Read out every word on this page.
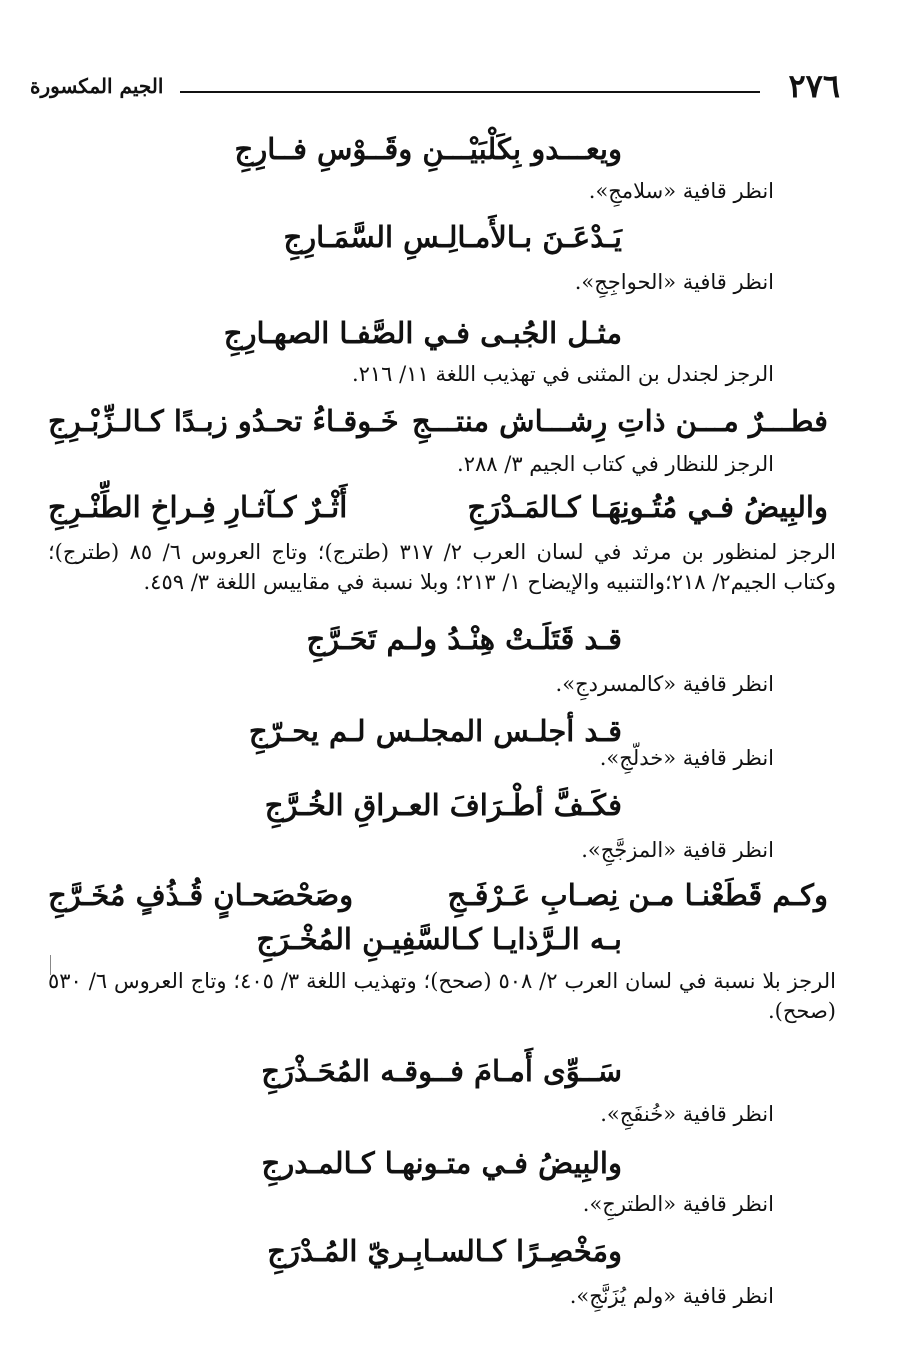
٢٧٦
الجيم المكسورة
ويعـــدو بِكَلْبَيْـــنِ وقَــوْسِ فــارِجِ
انظر قافية «سلامجِ».
يَـدْعَـنَ بـالأَمـالِـسِ السَّمَـارِجِ
انظر قافية «الحواجِجِ».
مثـل الجُبـى فـي الصَّفـا الصهـارِجِ
الرجز لجندل بن المثنى في تهذيب اللغة ١١/ ٢١٦.
فطـــرٌ مـــن ذاتِ رِشـــاش منتـــجِ
خَـوقـاءُ تحـدُو زبـدًا كـالـزِّبْـرِجِ
الرجز للنظار في كتاب الجيم ٣/ ٢٨٨.
والبِيضُ فـي مُتُـونِهَـا كـالمَـدْرَجِ
أَثْـرٌ كـآثـارِ فِـراخِ الطِّنْـرِجِ
الرجز لمنظور بن مرثد في لسان العرب ٢/ ٣١٧ (طترج)؛ وتاج العروس ٦/ ٨٥ (طترج)؛وكتاب الجيم٢/ ٢١٨؛والتنبيه والإيضاح ١/ ٢١٣؛ وبلا نسبة في مقاييس اللغة ٣/ ٤٥٩.
قـد قَتَلَـتْ هِنْـدُ ولـم تَحَـرَّجِ
انظر قافية «كالمسردجِ».
قـد أجلـس المجلـس لـم يحـرّجِ
انظر قافية «خدلّجِ».
فكَـفَّ أطْـرَافَ العـراقِ الخُـرَّجِ
انظر قافية «المزجَّجِ».
وكـم قَطَعْنـا مـن نِصـابِ عَـرْفَـجِ
وصَحْصَحـانٍ قُـذُفٍ مُخَـرَّجِ
بـه الـرَّذايـا كـالسَّفِيـنِ المُخْـرَجِ
الرجز بلا نسبة في لسان العرب ٢/ ٥٠٨ (صحح)؛ وتهذيب اللغة ٣/ ٤٠٥؛ وتاج العروس ٦/ ٥٣٠ (صحح).
سَــوِّى أَمـامَ فــوقـه المُحَـذْرَجِ
انظر قافية «خُنفَجِ».
والبِيضُ فـي متـونهـا كـالمـدرجِ
انظر قافية «الطترجِ».
ومَخْصِـرًا كـالسـابِـريّ المُـدْرَجِ
انظر قافية «ولم يُزَنَّجِ».
